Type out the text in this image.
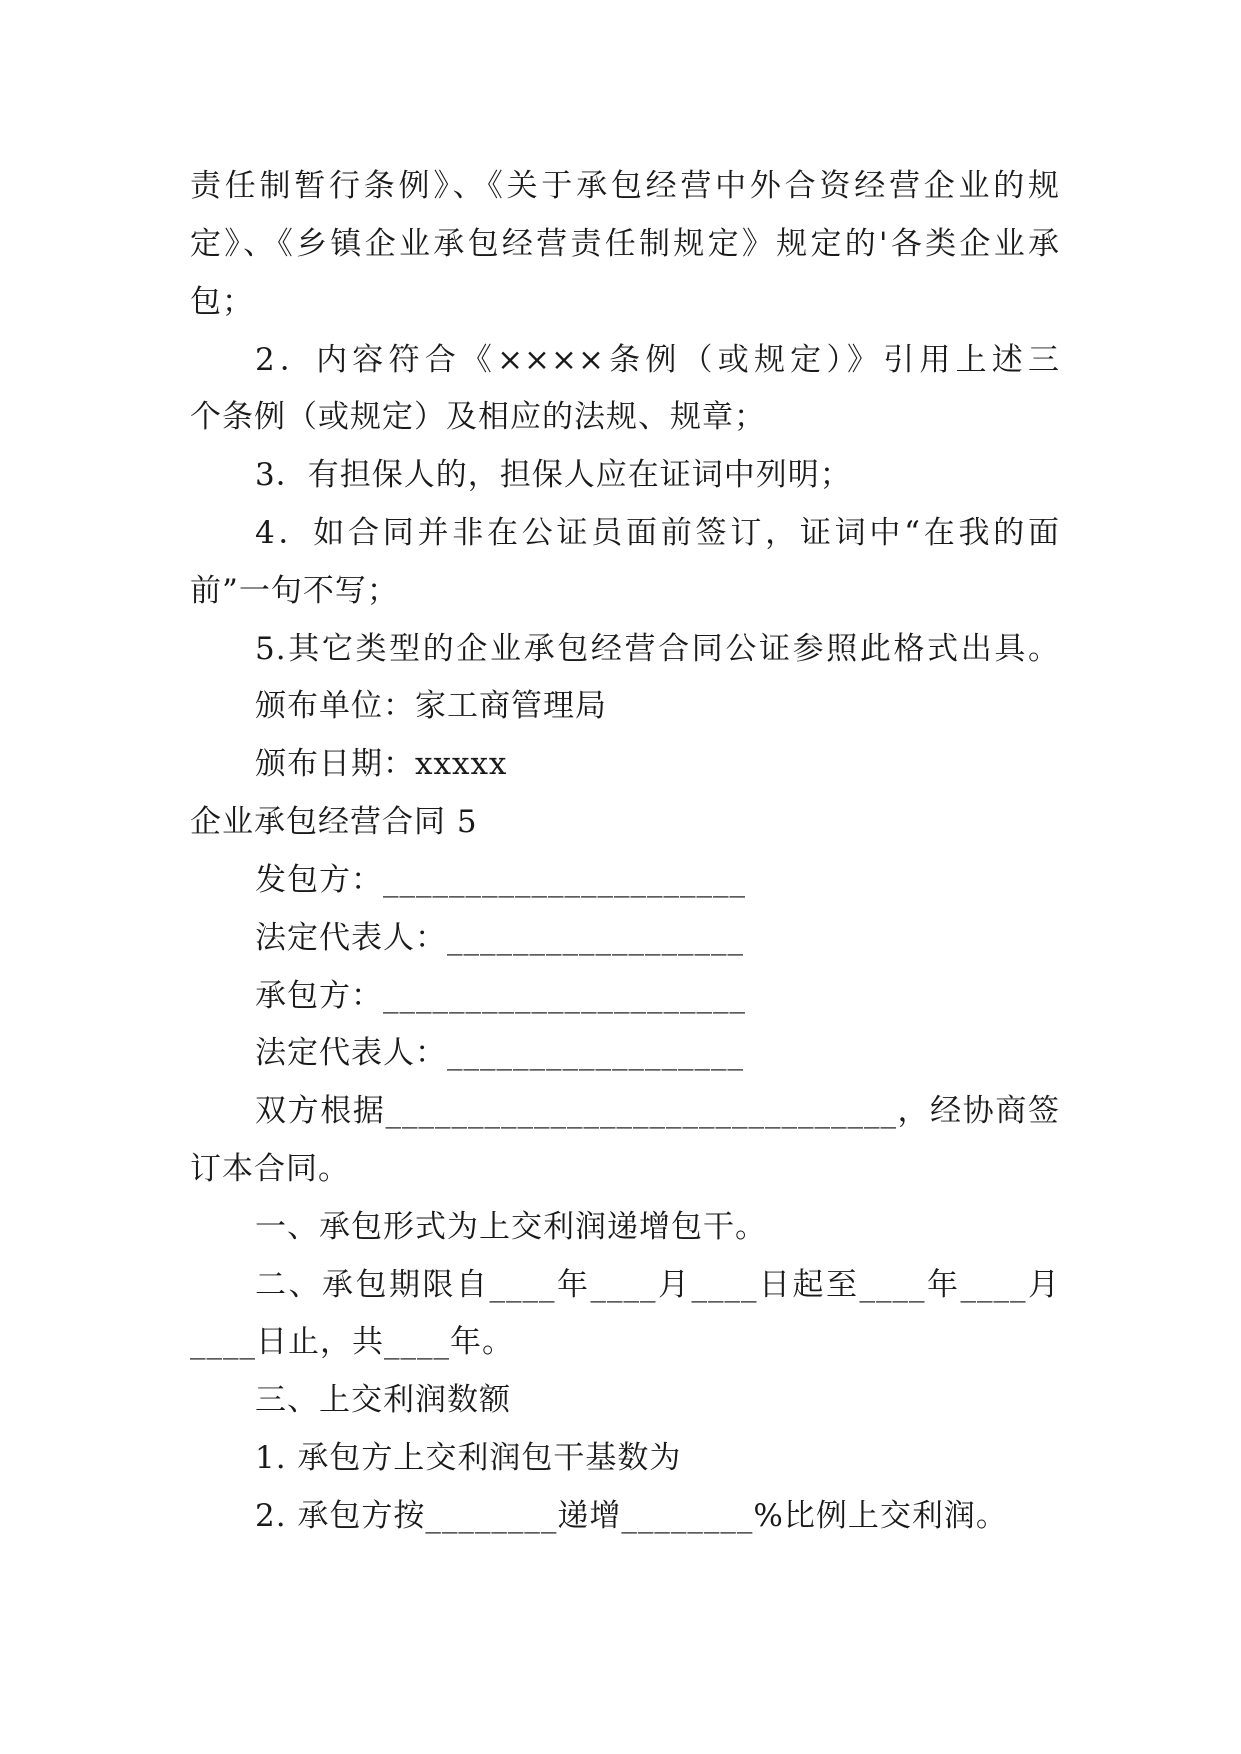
责任制暂行条例》、《关于承包经营中外合资经营企业的规
定》、《乡镇企业承包经营责任制规定》规定的'各类企业承
包；
2．内容符合《××××条例（或规定）》引用上述三
个条例（或规定）及相应的法规、规章；
3．有担保人的，担保人应在证词中列明；
4．如合同并非在公证员面前签订，证词中“在我的面
前”一句不写；
5.其它类型的企业承包经营合同公证参照此格式出具。
颁布单位：家工商管理局
颁布日期：xxxxx
企业承包经营合同 5
发包方：______________________
法定代表人：__________________
承包方：______________________
法定代表人：__________________
双方根据_______________________________，经协商签
订本合同。
一、承包形式为上交利润递增包干。
二、承包期限自____年____月____日起至____年____月
____日止，共____年。
三、上交利润数额
1. 承包方上交利润包干基数为
2. 承包方按________递增________%比例上交利润。
